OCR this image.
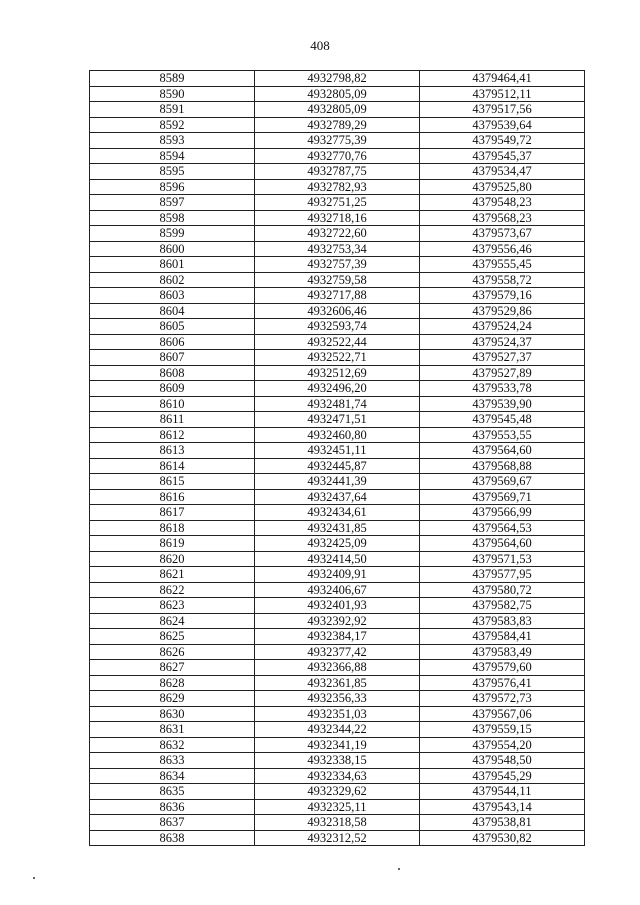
408
8589	4932798,82	4379464,41
8590	4932805,09	4379512,11
8591	4932805,09	4379517,56
8592	4932789,29	4379539,64
8593	4932775,39	4379549,72
8594	4932770,76	4379545,37
8595	4932787,75	4379534,47
8596	4932782,93	4379525,80
8597	4932751,25	4379548,23
8598	4932718,16	4379568,23
8599	4932722,60	4379573,67
8600	4932753,34	4379556,46
8601	4932757,39	4379555,45
8602	4932759,58	4379558,72
8603	4932717,88	4379579,16
8604	4932606,46	4379529,86
8605	4932593,74	4379524,24
8606	4932522,44	4379524,37
8607	4932522,71	4379527,37
8608	4932512,69	4379527,89
8609	4932496,20	4379533,78
8610	4932481,74	4379539,90
8611	4932471,51	4379545,48
8612	4932460,80	4379553,55
8613	4932451,11	4379564,60
8614	4932445,87	4379568,88
8615	4932441,39	4379569,67
8616	4932437,64	4379569,71
8617	4932434,61	4379566,99
8618	4932431,85	4379564,53
8619	4932425,09	4379564,60
8620	4932414,50	4379571,53
8621	4932409,91	4379577,95
8622	4932406,67	4379580,72
8623	4932401,93	4379582,75
8624	4932392,92	4379583,83
8625	4932384,17	4379584,41
8626	4932377,42	4379583,49
8627	4932366,88	4379579,60
8628	4932361,85	4379576,41
8629	4932356,33	4379572,73
8630	4932351,03	4379567,06
8631	4932344,22	4379559,15
8632	4932341,19	4379554,20
8633	4932338,15	4379548,50
8634	4932334,63	4379545,29
8635	4932329,62	4379544,11
8636	4932325,11	4379543,14
8637	4932318,58	4379538,81
8638	4932312,52	4379530,82
